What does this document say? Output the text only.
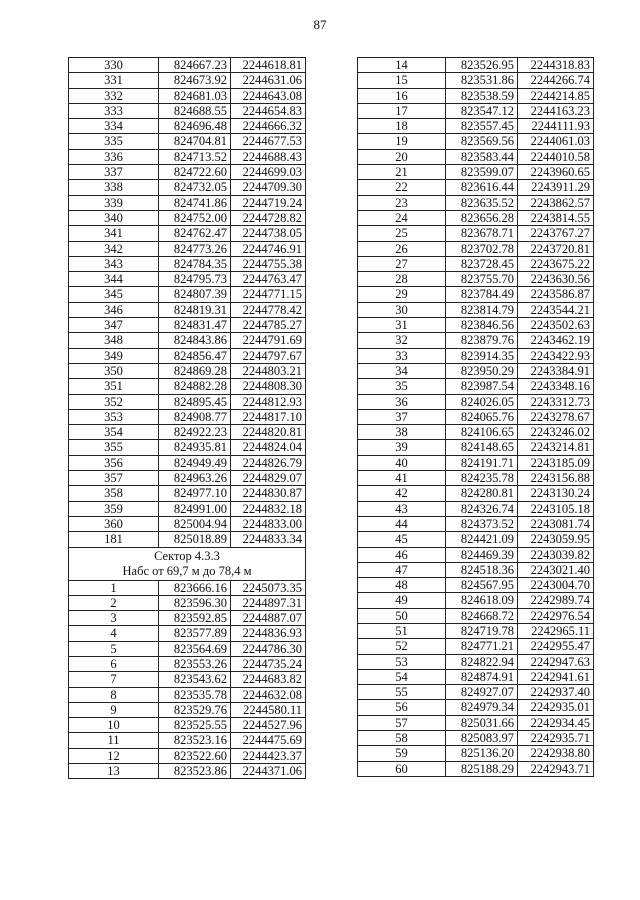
87
330	824667.23	2244618.81
331	824673.92	2244631.06
332	824681.03	2244643.08
333	824688.55	2244654.83
334	824696.48	2244666.32
335	824704.81	2244677.53
336	824713.52	2244688.43
337	824722.60	2244699.03
338	824732.05	2244709.30
339	824741.86	2244719.24
340	824752.00	2244728.82
341	824762.47	2244738.05
342	824773.26	2244746.91
343	824784.35	2244755.38
344	824795.73	2244763.47
345	824807.39	2244771.15
346	824819.31	2244778.42
347	824831.47	2244785.27
348	824843.86	2244791.69
349	824856.47	2244797.67
350	824869.28	2244803.21
351	824882.28	2244808.30
352	824895.45	2244812.93
353	824908.77	2244817.10
354	824922.23	2244820.81
355	824935.81	2244824.04
356	824949.49	2244826.79
357	824963.26	2244829.07
358	824977.10	2244830.87
359	824991.00	2244832.18
360	825004.94	2244833.00
181	825018.89	2244833.34

Сектор 4.3.3
Набс от 69,7 м до 78,4 м		

1	823666.16	2245073.35
2	823596.30	2244897.31
3	823592.85	2244887.07
4	823577.89	2244836.93
5	823564.69	2244786.30
6	823553.26	2244735.24
7	823543.62	2244683.82
8	823535.78	2244632.08
9	823529.76	2244580.11
10	823525.55	2244527.96
11	823523.16	2244475.69
12	823522.60	2244423.37
13	823523.86	2244371.06
14	823526.95	2244318.83
15	823531.86	2244266.74
16	823538.59	2244214.85
17	823547.12	2244163.23
18	823557.45	2244111.93
19	823569.56	2244061.03
20	823583.44	2244010.58
21	823599.07	2243960.65
22	823616.44	2243911.29
23	823635.52	2243862.57
24	823656.28	2243814.55
25	823678.71	2243767.27
26	823702.78	2243720.81
27	823728.45	2243675.22
28	823755.70	2243630.56
29	823784.49	2243586.87
30	823814.79	2243544.21
31	823846.56	2243502.63
32	823879.76	2243462.19
33	823914.35	2243422.93
34	823950.29	2243384.91
35	823987.54	2243348.16
36	824026.05	2243312.73
37	824065.76	2243278.67
38	824106.65	2243246.02
39	824148.65	2243214.81
40	824191.71	2243185.09
41	824235.78	2243156.88
42	824280.81	2243130.24
43	824326.74	2243105.18
44	824373.52	2243081.74
45	824421.09	2243059.95
46	824469.39	2243039.82
47	824518.36	2243021.40
48	824567.95	2243004.70
49	824618.09	2242989.74
50	824668.72	2242976.54
51	824719.78	2242965.11
52	824771.21	2242955.47
53	824822.94	2242947.63
54	824874.91	2242941.61
55	824927.07	2242937.40
56	824979.34	2242935.01
57	825031.66	2242934.45
58	825083.97	2242935.71
59	825136.20	2242938.80
60	825188.29	2242943.71
